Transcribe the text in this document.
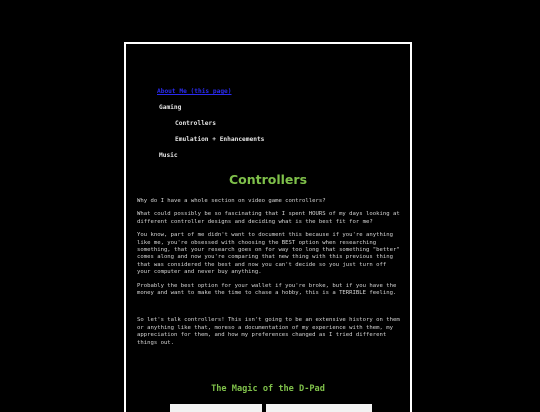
About Me (this page)
Gaming
Controllers
Emulation + Enhancements
Music
Controllers

Why do I have a whole section on video game controllers?

What could possibly be so fascinating that I spent HOURS of my days looking at different controller designs and deciding what is the best fit for me?

You know, part of me didn't want to document this because if you're anything like me, you're obsessed with choosing the BEST option when researching something, that your research goes on for way too long that something "better" comes along and now you're comparing that new thing with this previous thing that was considered the best and now you can't decide so you just turn off your computer and never buy anything.

Probably the best option for your wallet if you're broke, but if you have the money and want to make the time to chase a hobby, this is a TERRIBLE feeling.

So let's talk controllers! This isn't going to be an extensive history on them or anything like that, moreso a documentation of my experience with them, my appreciation for them, and how my preferences changed as I tried different things out.

The Magic of the D-Pad
